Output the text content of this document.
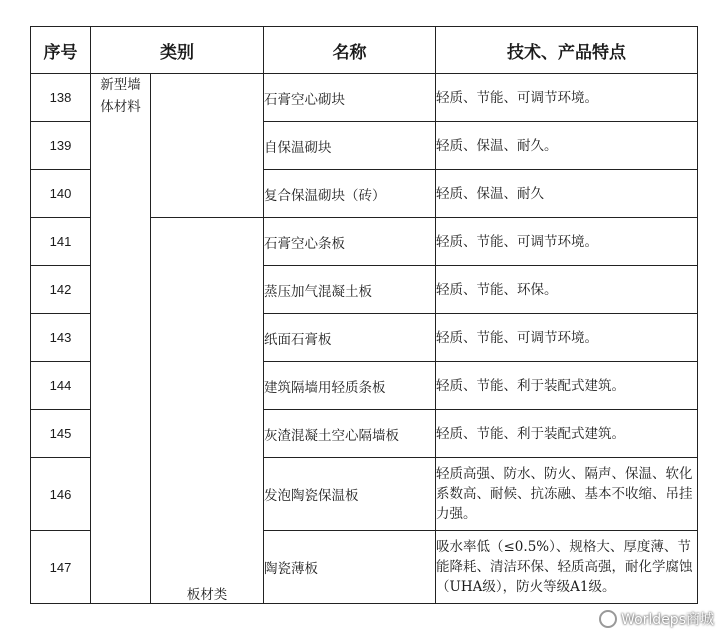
序号	类别		名称	技术、产品特点
138	新型墙体材料		石膏空心砌块	轻质、节能、可调节环境。
139			自保温砌块	轻质、保温、耐久。
140			复合保温砌块（砖）	轻质、保温、耐久
141		板材类	石膏空心条板	轻质、节能、可调节环境。
142			蒸压加气混凝土板	轻质、节能、环保。
143			纸面石膏板	轻质、节能、可调节环境。
144			建筑隔墙用轻质条板	轻质、节能、利于装配式建筑。
145			灰渣混凝土空心隔墙板	轻质、节能、利于装配式建筑。
146			发泡陶瓷保温板	轻质高强、防水、防火、隔声、保温、软化系数高、耐候、抗冻融、基本不收缩、吊挂力强。
147			陶瓷薄板	吸水率低（≤0.5%）、规格大、厚度薄、节能降耗、清洁环保、轻质高强，耐化学腐蚀（UHA级），防火等级A1级。
Worldeps商城
